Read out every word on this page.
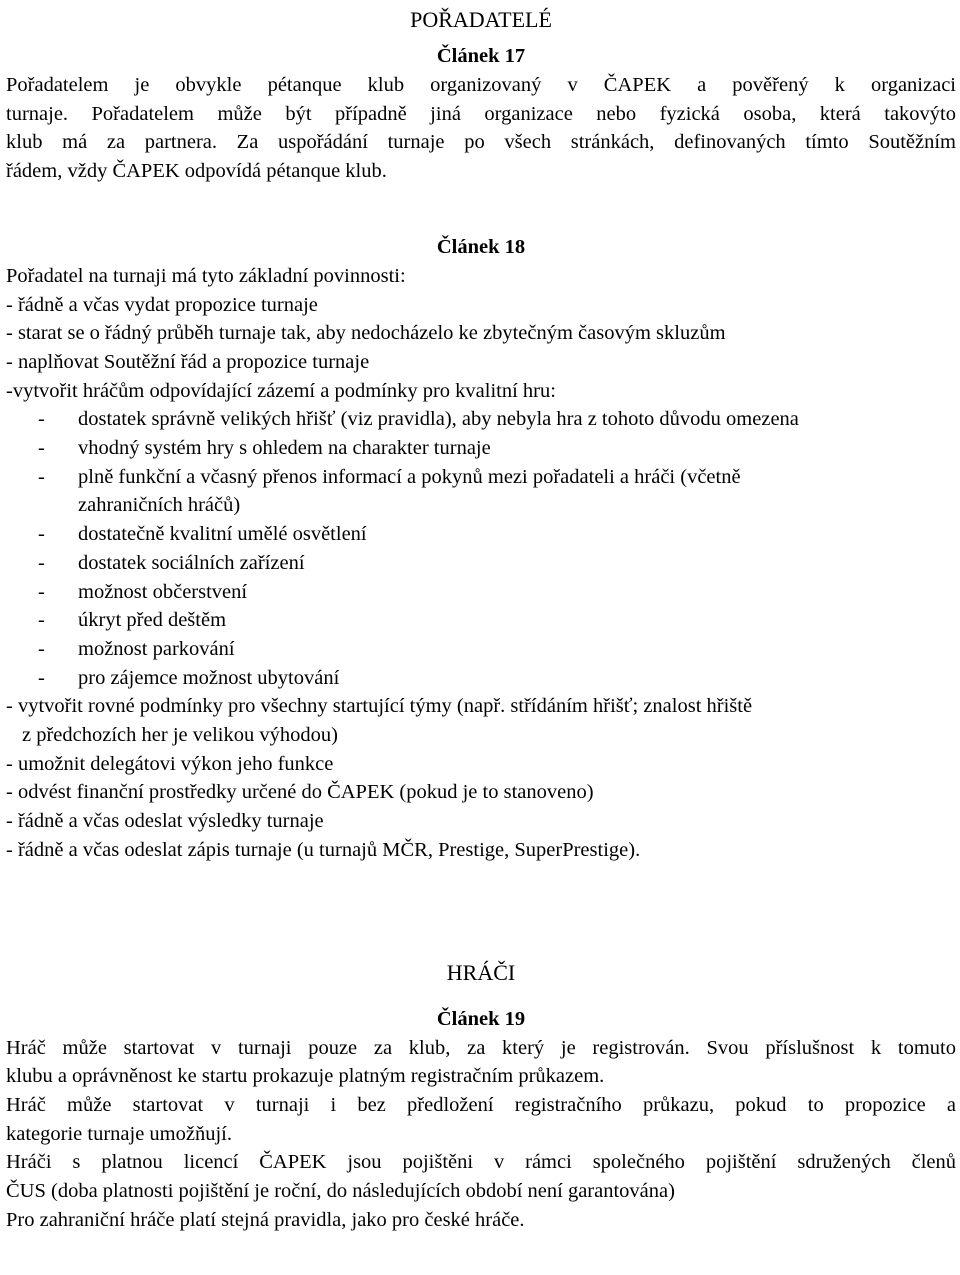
POŘADATELÉ
Článek 17
Pořadatelem je obvykle pétanque klub organizovaný v ČAPEK a pověřený k organizaci
turnaje. Pořadatelem může být případně jiná organizace nebo fyzická osoba, která takovýto
klub má za partnera. Za uspořádání turnaje po všech stránkách, definovaných tímto Soutěžním
řádem, vždy ČAPEK odpovídá pétanque klub.
Článek 18
Pořadatel na turnaji má tyto základní povinnosti:
- řádně a včas vydat propozice turnaje
- starat se o řádný průběh turnaje tak, aby nedocházelo ke zbytečným časovým skluzům
- naplňovat Soutěžní řád a propozice turnaje
-vytvořit hráčům odpovídající zázemí a podmínky pro kvalitní hru:
-	dostatek správně velikých hřišť (viz pravidla), aby nebyla hra z tohoto důvodu omezena
-	vhodný systém hry s ohledem na charakter turnaje
-	plně funkční a včasný přenos informací a pokynů mezi pořadateli a hráči (včetně
zahraničních hráčů)
-	dostatečně kvalitní umělé osvětlení
-	dostatek sociálních zařízení
-	možnost občerstvení
-	úkryt před deštěm
-	možnost parkování
-	pro zájemce možnost ubytování
- vytvořit rovné podmínky pro všechny startující týmy (např. střídáním hřišť; znalost hřiště
z předchozích her je velikou výhodou)
- umožnit delegátovi výkon jeho funkce
- odvést finanční prostředky určené do ČAPEK (pokud je to stanoveno)
- řádně a včas odeslat výsledky turnaje
- řádně a včas odeslat zápis turnaje (u turnajů MČR, Prestige, SuperPrestige).
HRÁČI
Článek 19
Hráč může startovat v turnaji pouze za klub, za který je registrován. Svou příslušnost k tomuto
klubu a oprávněnost ke startu prokazuje platným registračním průkazem.
Hráč může startovat v turnaji i bez předložení registračního průkazu, pokud to propozice a
kategorie turnaje umožňují.
Hráči s platnou licencí ČAPEK jsou pojištěni v rámci společného pojištění sdružených členů
ČUS (doba platnosti pojištění je roční, do následujících období není garantována)
Pro zahraniční hráče platí stejná pravidla, jako pro české hráče.
